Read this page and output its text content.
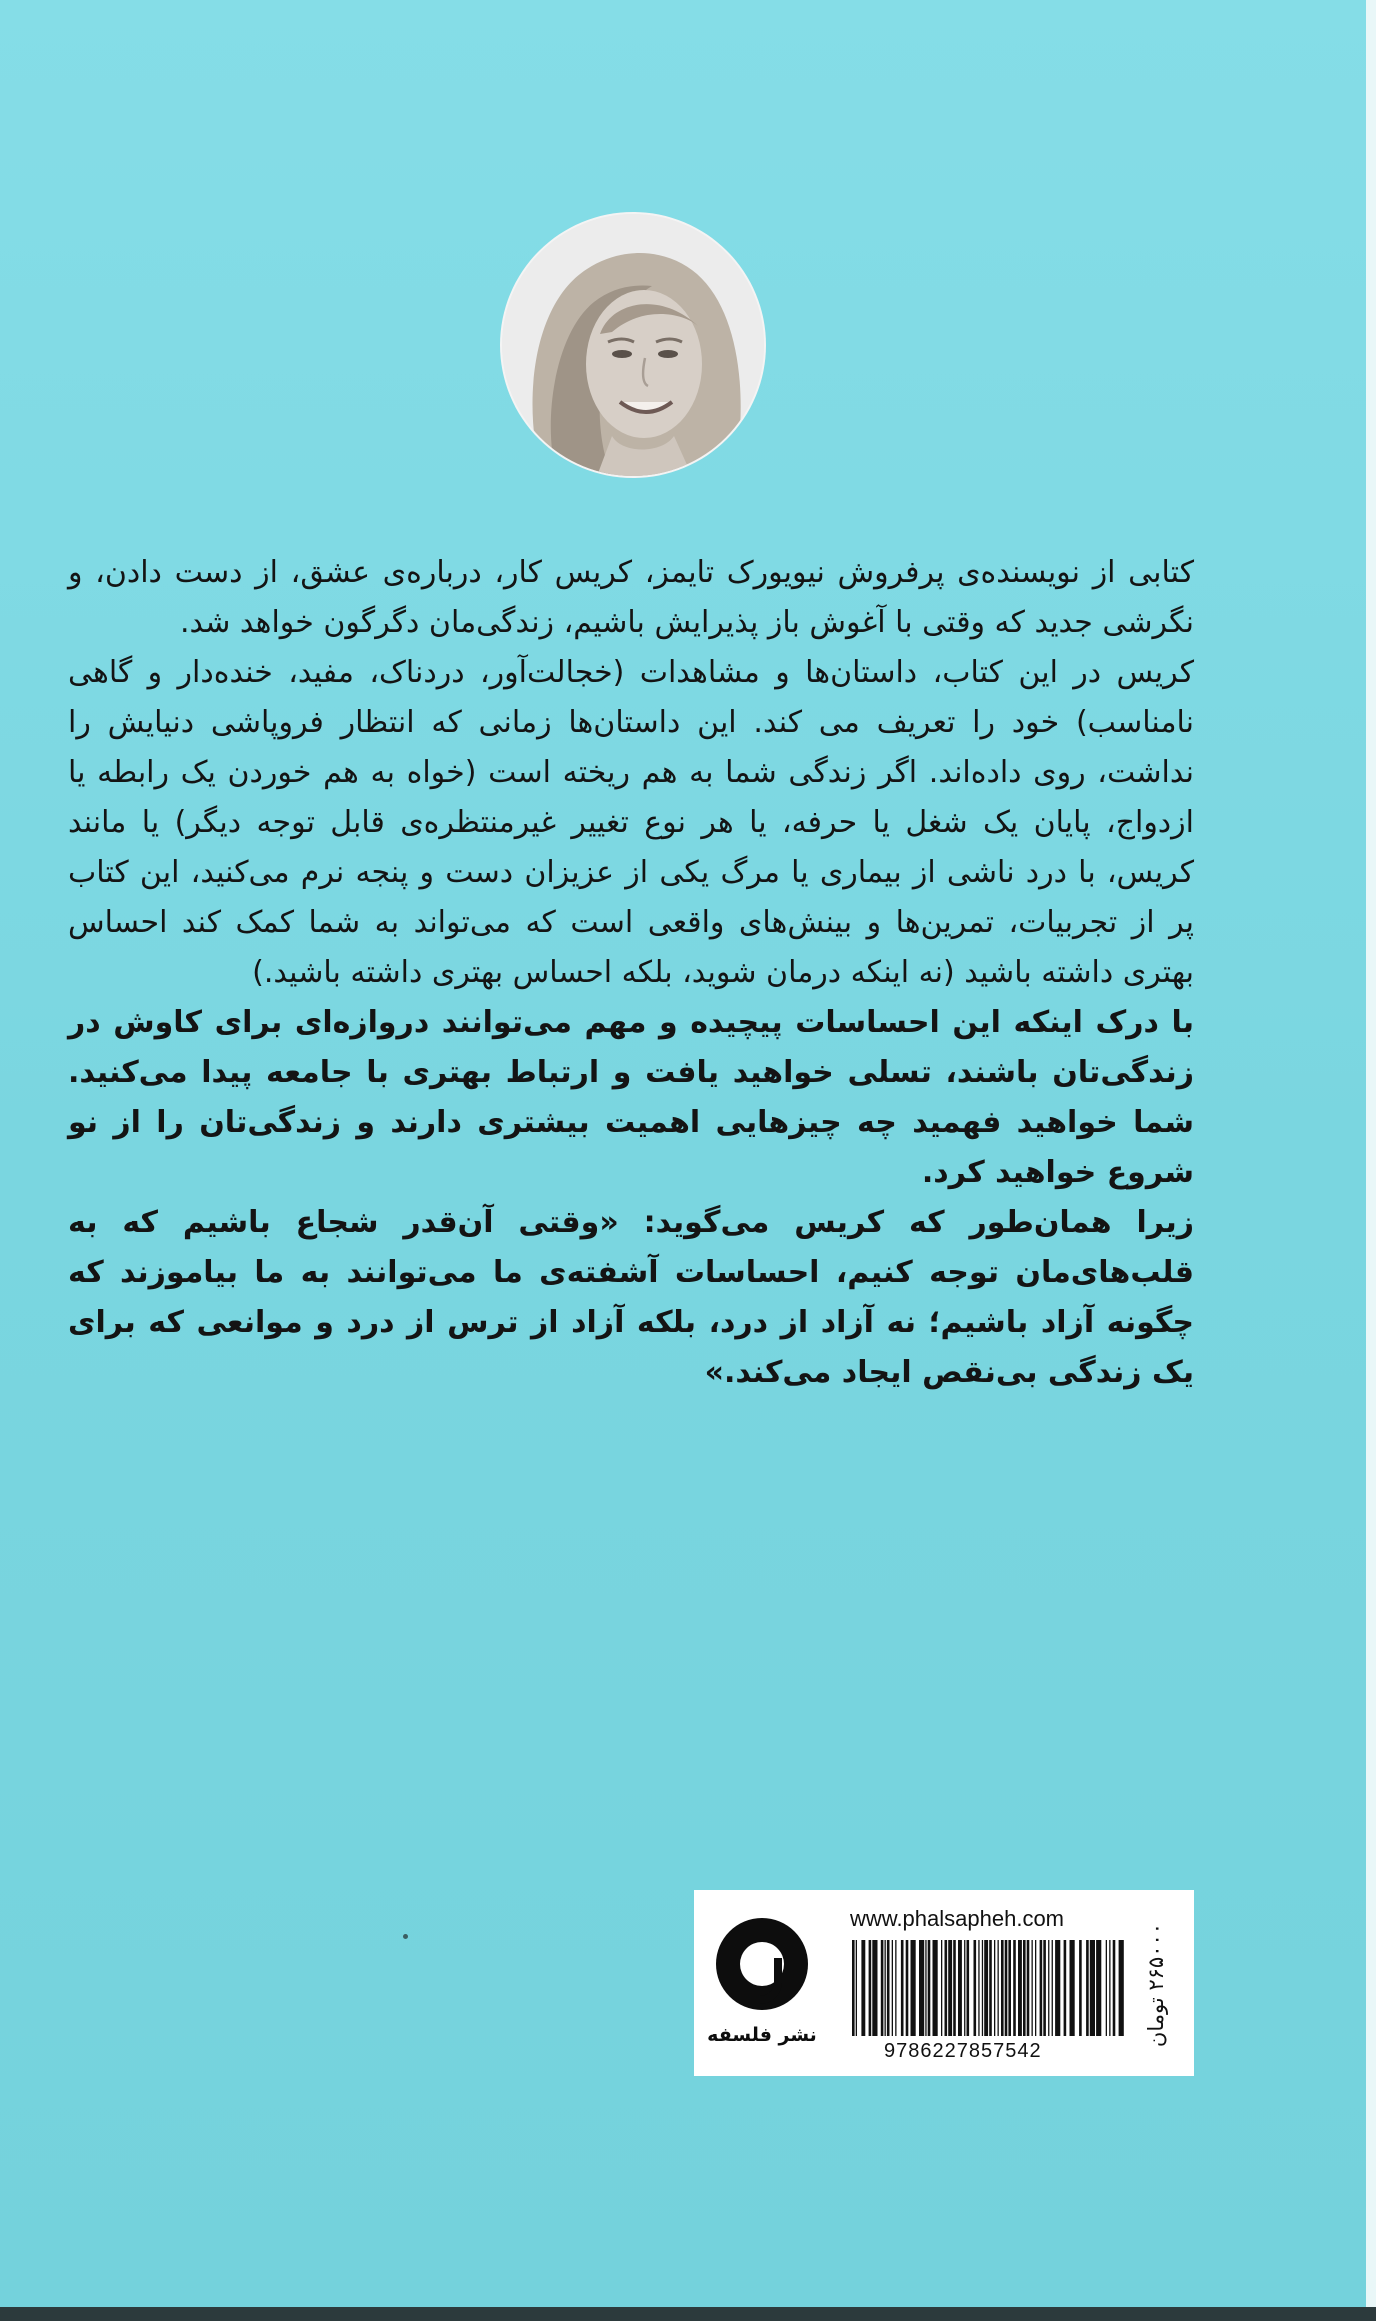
کتابی از نویسنده‌ی پرفروش نیویورک تایمز، کریس کار، درباره‌ی عشق، از دست دادن، و نگرشی جدید که وقتی با آغوش باز پذیرایش باشیم، زندگی‌مان دگرگون خواهد شد.

کریس در این کتاب، داستان‌ها و مشاهدات (خجالت‌آور، دردناک، مفید، خنده‌دار و گاهی نامناسب) خود را تعریف می کند. این داستان‌ها زمانی که انتظار فروپاشی دنیایش را نداشت، روی داده‌اند. اگر زندگی شما به هم ریخته است (خواه به هم خوردن یک رابطه یا ازدواج، پایان یک شغل یا حرفه، یا هر نوع تغییر غیرمنتظره‌ی قابل توجه دیگر) یا مانند کریس، با درد ناشی از بیماری یا مرگ یکی از عزیزان دست و پنجه نرم می‌کنید، این کتاب پر از تجربیات، تمرین‌ها و بینش‌های واقعی است که می‌تواند به شما کمک کند احساس بهتری داشته باشید (نه اینکه درمان شوید، بلکه احساس بهتری داشته باشید.)

با درک اینکه این احساسات پیچیده و مهم می‌توانند دروازه‌ای برای کاوش در زندگی‌تان باشند، تسلی خواهید یافت و ارتباط بهتری با جامعه پیدا می‌کنید. شما خواهید فهمید چه چیزهایی اهمیت بیشتری دارند و زندگی‌تان را از نو شروع خواهید کرد.

زیرا همان‌طور که کریس می‌گوید: «وقتی آن‌قدر شجاع باشیم که به قلب‌های‌مان توجه کنیم، احساسات آشفته‌ی ما می‌توانند به ما بیاموزند که چگونه آزاد باشیم؛ نه آزاد از درد، بلکه آزاد از ترس از درد و موانعی که برای یک زندگی بی‌نقص ایجاد می‌کند.»

نشر فلسفه
www.phalsapheh.com
9786227857542
۲۶۵۰۰۰ تومان
